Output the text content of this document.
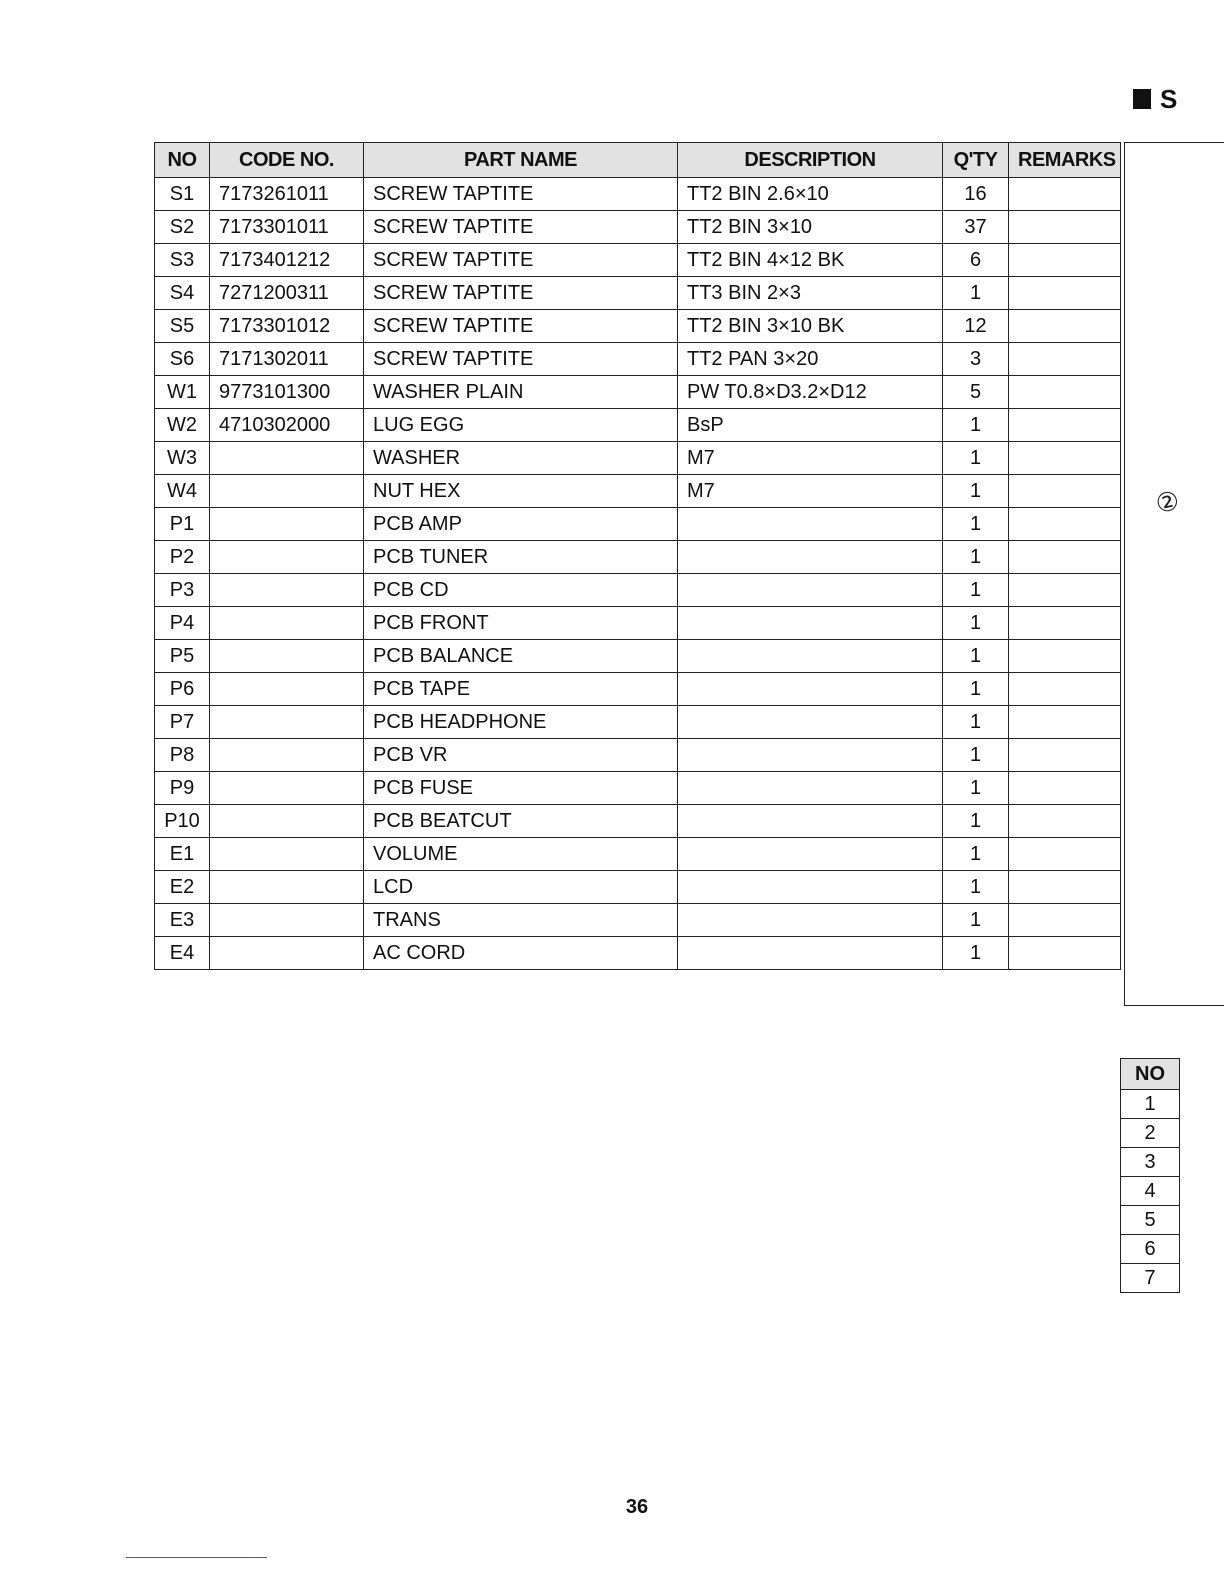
S
NO	CODE NO.	PART NAME	DESCRIPTION	Q'TY	REMARKS
S1	7173261011	SCREW TAPTITE	TT2 BIN 2.6×10	16	
S2	7173301011	SCREW TAPTITE	TT2 BIN 3×10	37	
S3	7173401212	SCREW TAPTITE	TT2 BIN 4×12 BK	6	
S4	7271200311	SCREW TAPTITE	TT3 BIN 2×3	1	
S5	7173301012	SCREW TAPTITE	TT2 BIN 3×10 BK	12	
S6	7171302011	SCREW TAPTITE	TT2 PAN 3×20	3	
W1	9773101300	WASHER PLAIN	PW T0.8×D3.2×D12	5	
W2	4710302000	LUG EGG	BsP	1	
W3		WASHER	M7	1	
W4		NUT HEX	M7	1	
P1		PCB AMP		1	
P2		PCB TUNER		1	
P3		PCB CD		1	
P4		PCB FRONT		1	
P5		PCB BALANCE		1	
P6		PCB TAPE		1	
P7		PCB HEADPHONE		1	
P8		PCB VR		1	
P9		PCB FUSE		1	
P10		PCB BEATCUT		1	
E1		VOLUME		1	
E2		LCD		1	
E3		TRANS		1	
E4		AC CORD		1	
②
NO
1
2
3
4
5
6
7
36
